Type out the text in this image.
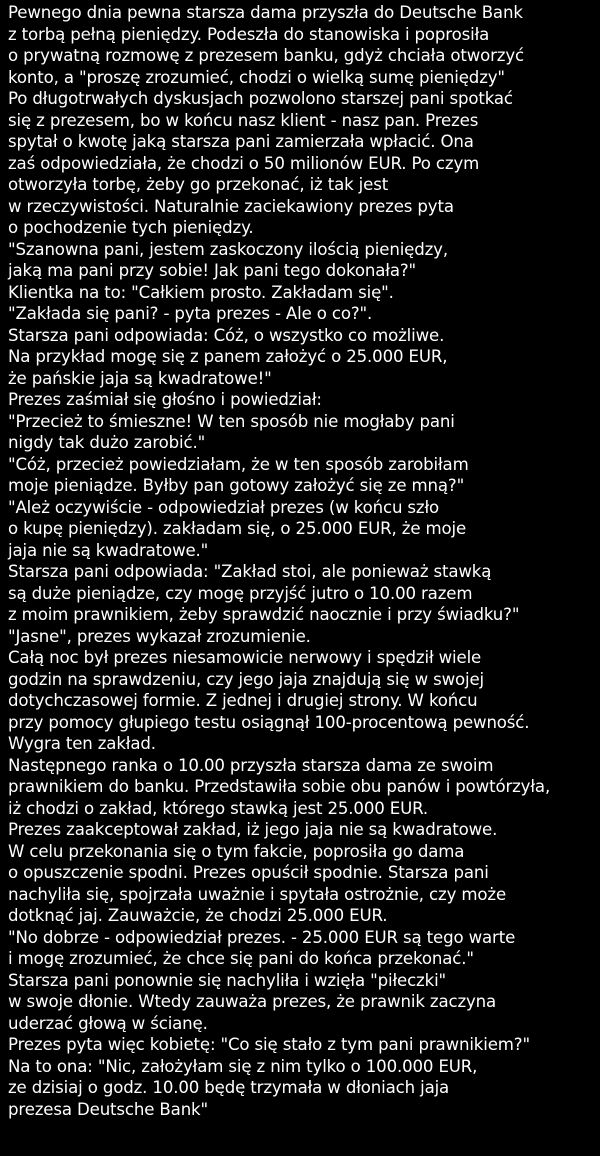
Pewnego dnia pewna starsza dama przyszła do Deutsche Bank
z torbą pełną pieniędzy. Podeszła do stanowiska i poprosiła
o prywatną rozmowę z prezesem banku, gdyż chciała otworzyć
konto, a "proszę zrozumieć, chodzi o wielką sumę pieniędzy"
Po długotrwałych dyskusjach pozwolono starszej pani spotkać
się z prezesem, bo w końcu nasz klient - nasz pan. Prezes
spytał o kwotę jaką starsza pani zamierzała wpłacić. Ona
zaś odpowiedziała, że chodzi o 50 milionów EUR. Po czym
otworzyła torbę, żeby go przekonać, iż tak jest
w rzeczywistości. Naturalnie zaciekawiony prezes pyta
o pochodzenie tych pieniędzy.
"Szanowna pani, jestem zaskoczony ilością pieniędzy,
jaką ma pani przy sobie! Jak pani tego dokonała?"
Klientka na to: "Całkiem prosto. Zakładam się".
"Zakłada się pani? - pyta prezes - Ale o co?".
Starsza pani odpowiada: Cóż, o wszystko co możliwe.
Na przykład mogę się z panem założyć o 25.000 EUR,
że pańskie jaja są kwadratowe!"
Prezes zaśmiał się głośno i powiedział:
"Przecież to śmieszne! W ten sposób nie mogłaby pani
nigdy tak dużo zarobić."
"Cóż, przecież powiedziałam, że w ten sposób zarobiłam
moje pieniądze. Byłby pan gotowy założyć się ze mną?"
"Ależ oczywiście - odpowiedział prezes (w końcu szło
o kupę pieniędzy). zakładam się, o 25.000 EUR, że moje
jaja nie są kwadratowe."
Starsza pani odpowiada: "Zakład stoi, ale ponieważ stawką
są duże pieniądze, czy mogę przyjść jutro o 10.00 razem
z moim prawnikiem, żeby sprawdzić naocznie i przy świadku?"
"Jasne", prezes wykazał zrozumienie.
Całą noc był prezes niesamowicie nerwowy i spędził wiele
godzin na sprawdzeniu, czy jego jaja znajdują się w swojej
dotychczasowej formie. Z jednej i drugiej strony. W końcu
przy pomocy głupiego testu osiągnął 100-procentową pewność.
Wygra ten zakład.
Następnego ranka o 10.00 przyszła starsza dama ze swoim
prawnikiem do banku. Przedstawiła sobie obu panów i powtórzyła,
iż chodzi o zakład, którego stawką jest 25.000 EUR.
Prezes zaakceptował zakład, iż jego jaja nie są kwadratowe.
W celu przekonania się o tym fakcie, poprosiła go dama
o opuszczenie spodni. Prezes opuścił spodnie. Starsza pani
nachyliła się, spojrzała uważnie i spytała ostrożnie, czy może
dotknąć jaj. Zauważcie, że chodzi 25.000 EUR.
"No dobrze - odpowiedział prezes. - 25.000 EUR są tego warte
i mogę zrozumieć, że chce się pani do końca przekonać."
Starsza pani ponownie się nachyliła i wzięła "piłeczki"
w swoje dłonie. Wtedy zauważa prezes, że prawnik zaczyna
uderzać głową w ścianę.
Prezes pyta więc kobietę: "Co się stało z tym pani prawnikiem?"
Na to ona: "Nic, założyłam się z nim tylko o 100.000 EUR,
ze dzisiaj o godz. 10.00 będę trzymała w dłoniach jaja
prezesa Deutsche Bank"
